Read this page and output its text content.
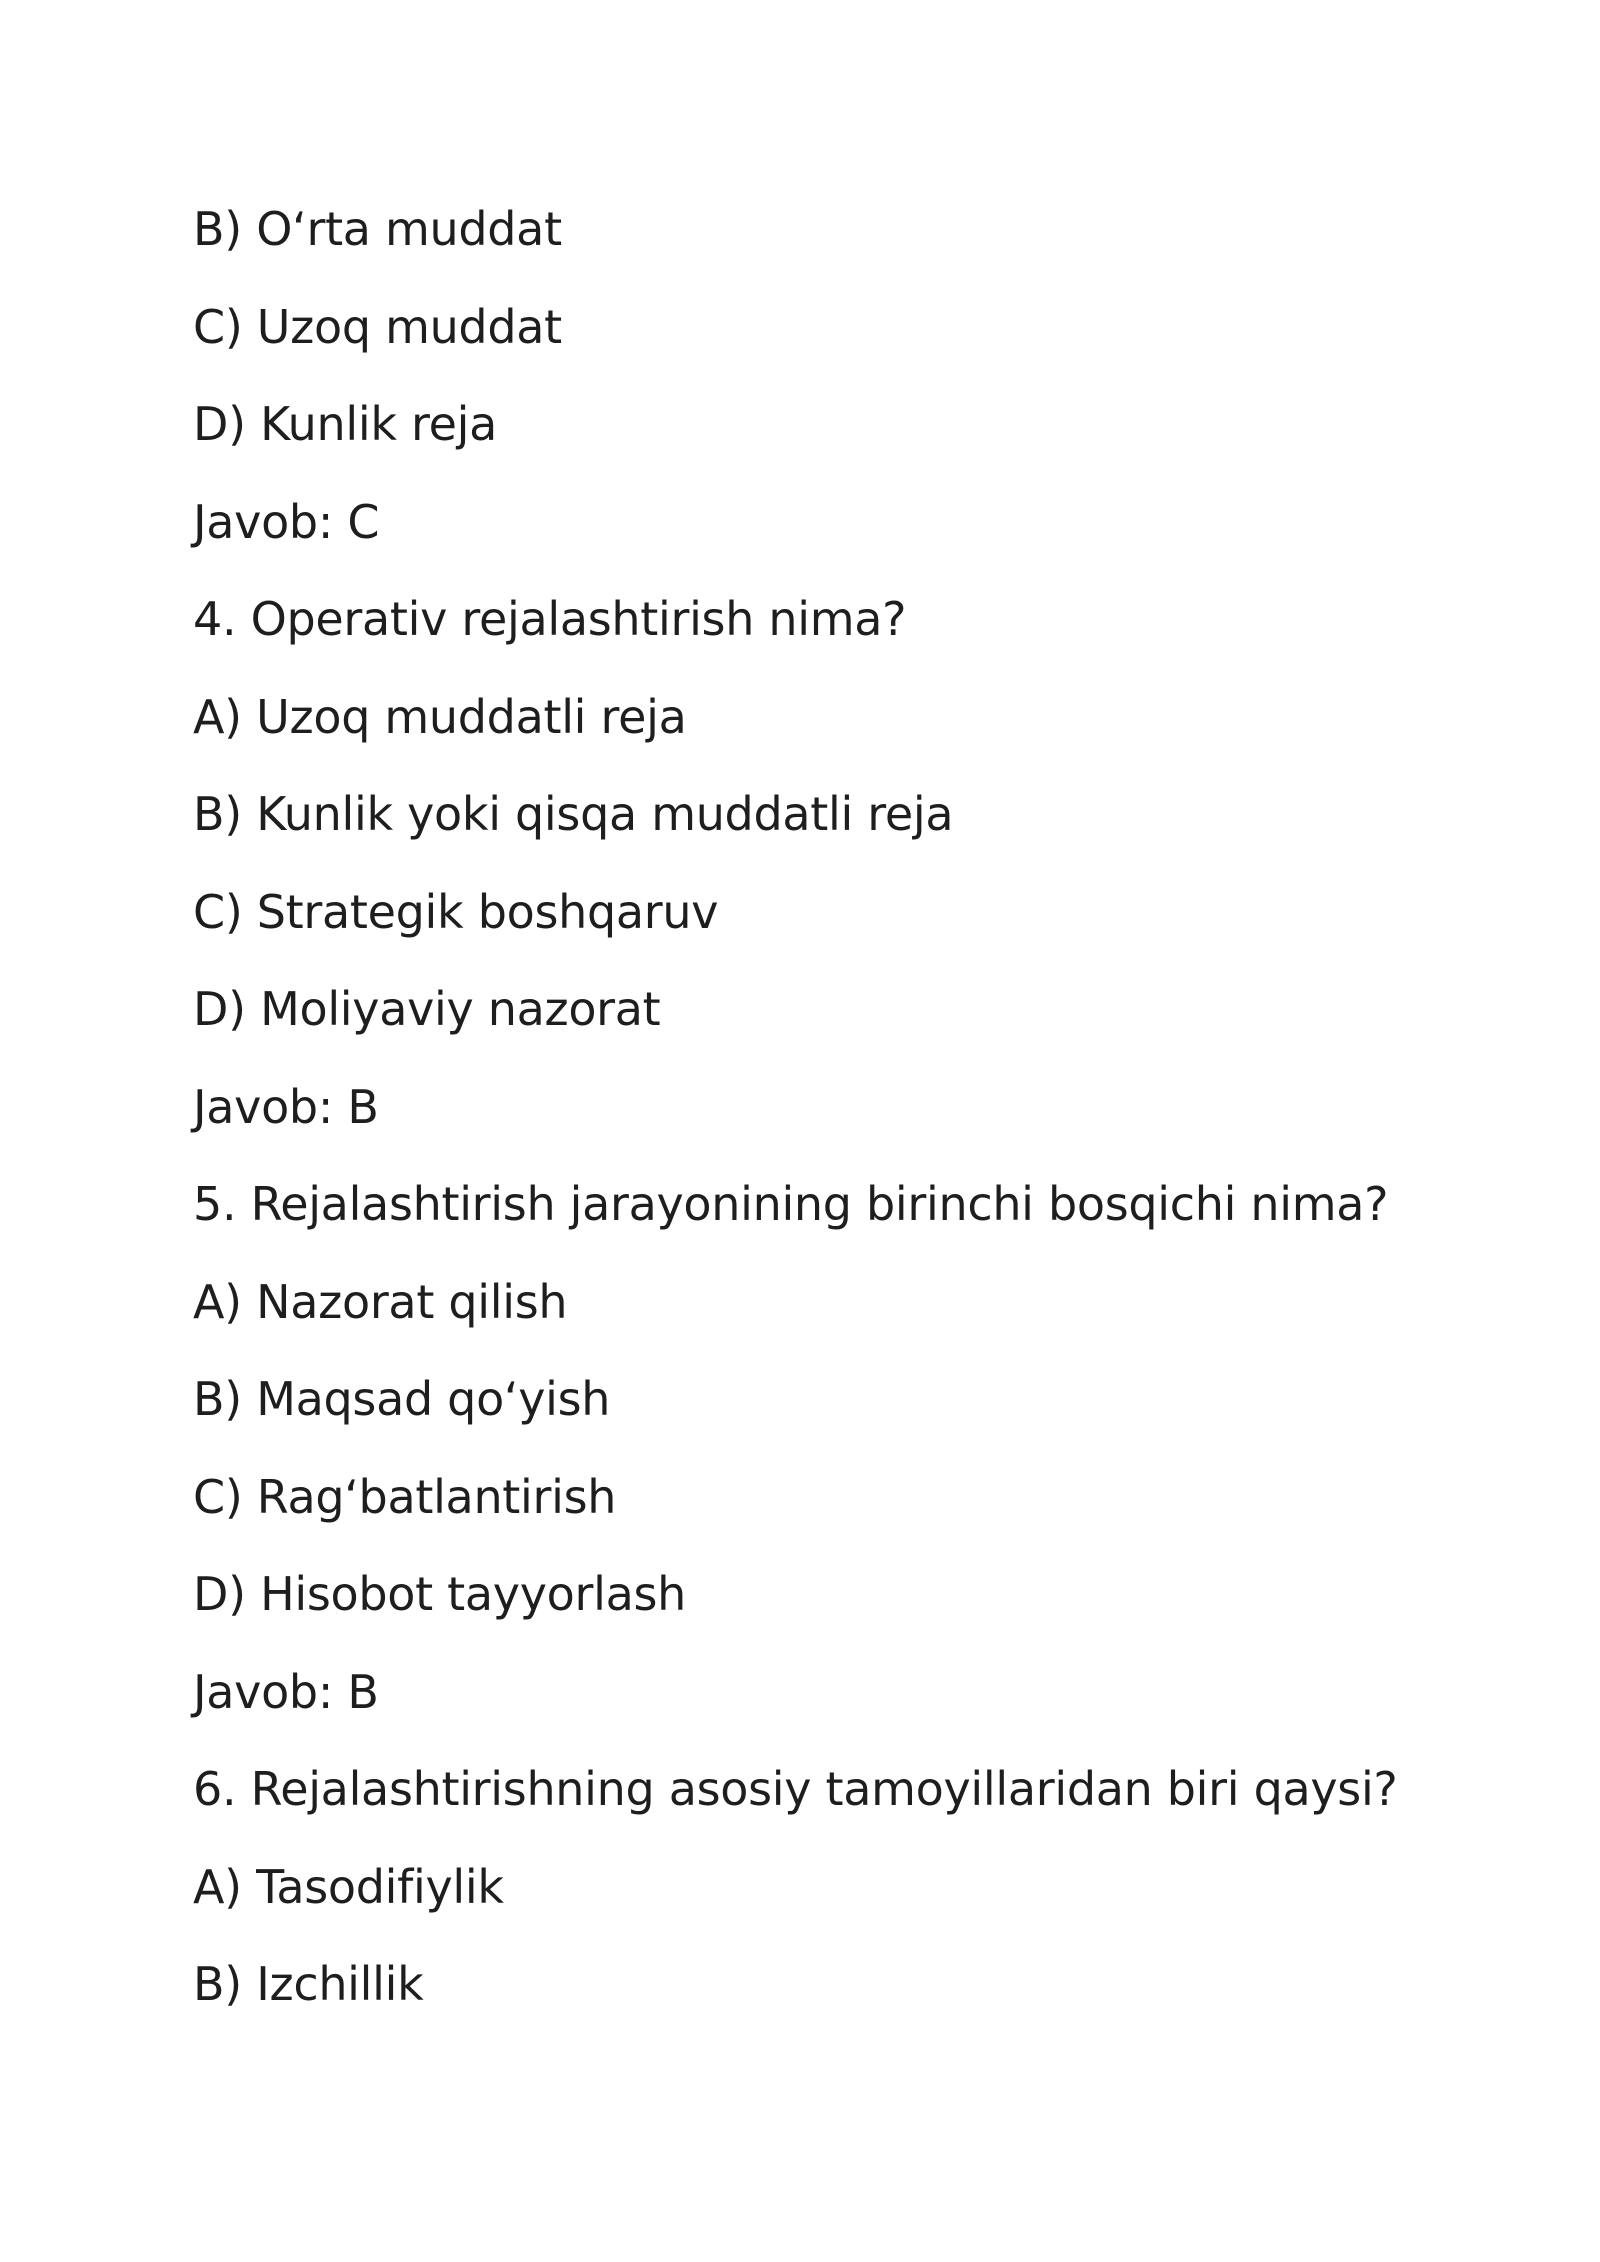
B) O‘rta muddat
C) Uzoq muddat
D) Kunlik reja
Javob: C
4. Operativ rejalashtirish nima?
A) Uzoq muddatli reja
B) Kunlik yoki qisqa muddatli reja
C) Strategik boshqaruv
D) Moliyaviy nazorat
Javob: B
5. Rejalashtirish jarayonining birinchi bosqichi nima?
A) Nazorat qilish
B) Maqsad qo‘yish
C) Rag‘batlantirish
D) Hisobot tayyorlash
Javob: B
6. Rejalashtirishning asosiy tamoyillaridan biri qaysi?
A) Tasodifiylik
B) Izchillik
